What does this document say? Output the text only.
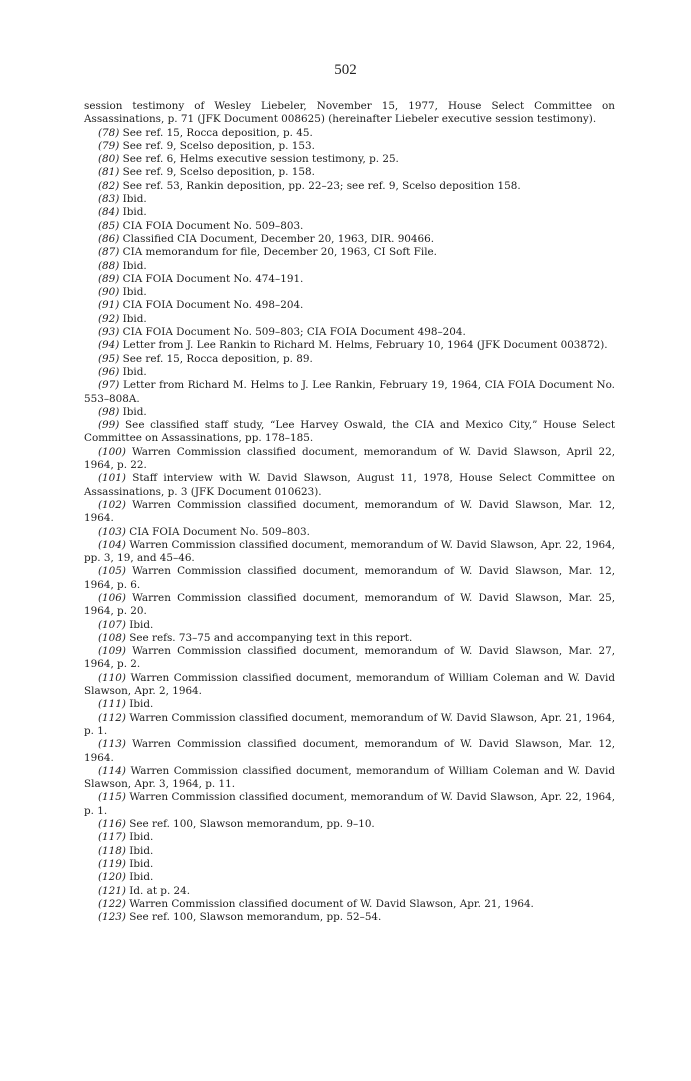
502

session testimony of Wesley Liebeler, November 15, 1977, House Select Committee on Assassinations, p. 71 (JFK Document 008625) (hereinafter Liebeler executive session testimony).

(78) See ref. 15, Rocca deposition, p. 45.

(79) See ref. 9, Scelso deposition, p. 153.

(80) See ref. 6, Helms executive session testimony, p. 25.

(81) See ref. 9, Scelso deposition, p. 158.

(82) See ref. 53, Rankin deposition, pp. 22–23; see ref. 9, Scelso deposition 158.

(83) Ibid.

(84) Ibid.

(85) CIA FOIA Document No. 509–803.

(86) Classified CIA Document, December 20, 1963, DIR. 90466.

(87) CIA memorandum for file, December 20, 1963, CI Soft File.

(88) Ibid.

(89) CIA FOIA Document No. 474–191.

(90) Ibid.

(91) CIA FOIA Document No. 498–204.

(92) Ibid.

(93) CIA FOIA Document No. 509–803; CIA FOIA Document 498–204.

(94) Letter from J. Lee Rankin to Richard M. Helms, February 10, 1964 (JFK Document 003872).

(95) See ref. 15, Rocca deposition, p. 89.

(96) Ibid.

(97) Letter from Richard M. Helms to J. Lee Rankin, February 19, 1964, CIA FOIA Document No. 553–808A.

(98) Ibid.

(99) See classified staff study, “Lee Harvey Oswald, the CIA and Mexico City,” House Select Committee on Assassinations, pp. 178–185.

(100) Warren Commission classified document, memorandum of W. David Slawson, April 22, 1964, p. 22.

(101) Staff interview with W. David Slawson, August 11, 1978, House Select Committee on Assassinations, p. 3 (JFK Document 010623).

(102) Warren Commission classified document, memorandum of W. David Slawson, Mar. 12, 1964.

(103) CIA FOIA Document No. 509–803.

(104) Warren Commission classified document, memorandum of W. David Slawson, Apr. 22, 1964, pp. 3, 19, and 45–46.

(105) Warren Commission classified document, memorandum of W. David Slawson, Mar. 12, 1964, p. 6.

(106) Warren Commission classified document, memorandum of W. David Slawson, Mar. 25, 1964, p. 20.

(107) Ibid.

(108) See refs. 73–75 and accompanying text in this report.

(109) Warren Commission classified document, memorandum of W. David Slawson, Mar. 27, 1964, p. 2.

(110) Warren Commission classified document, memorandum of William Coleman and W. David Slawson, Apr. 2, 1964.

(111) Ibid.

(112) Warren Commission classified document, memorandum of W. David Slawson, Apr. 21, 1964, p. 1.

(113) Warren Commission classified document, memorandum of W. David Slawson, Mar. 12, 1964.

(114) Warren Commission classified document, memorandum of William Coleman and W. David Slawson, Apr. 3, 1964, p. 11.

(115) Warren Commission classified document, memorandum of W. David Slawson, Apr. 22, 1964, p. 1.

(116) See ref. 100, Slawson memorandum, pp. 9–10.

(117) Ibid.

(118) Ibid.

(119) Ibid.

(120) Ibid.

(121) Id. at p. 24.

(122) Warren Commission classified document of W. David Slawson, Apr. 21, 1964.

(123) See ref. 100, Slawson memorandum, pp. 52–54.
